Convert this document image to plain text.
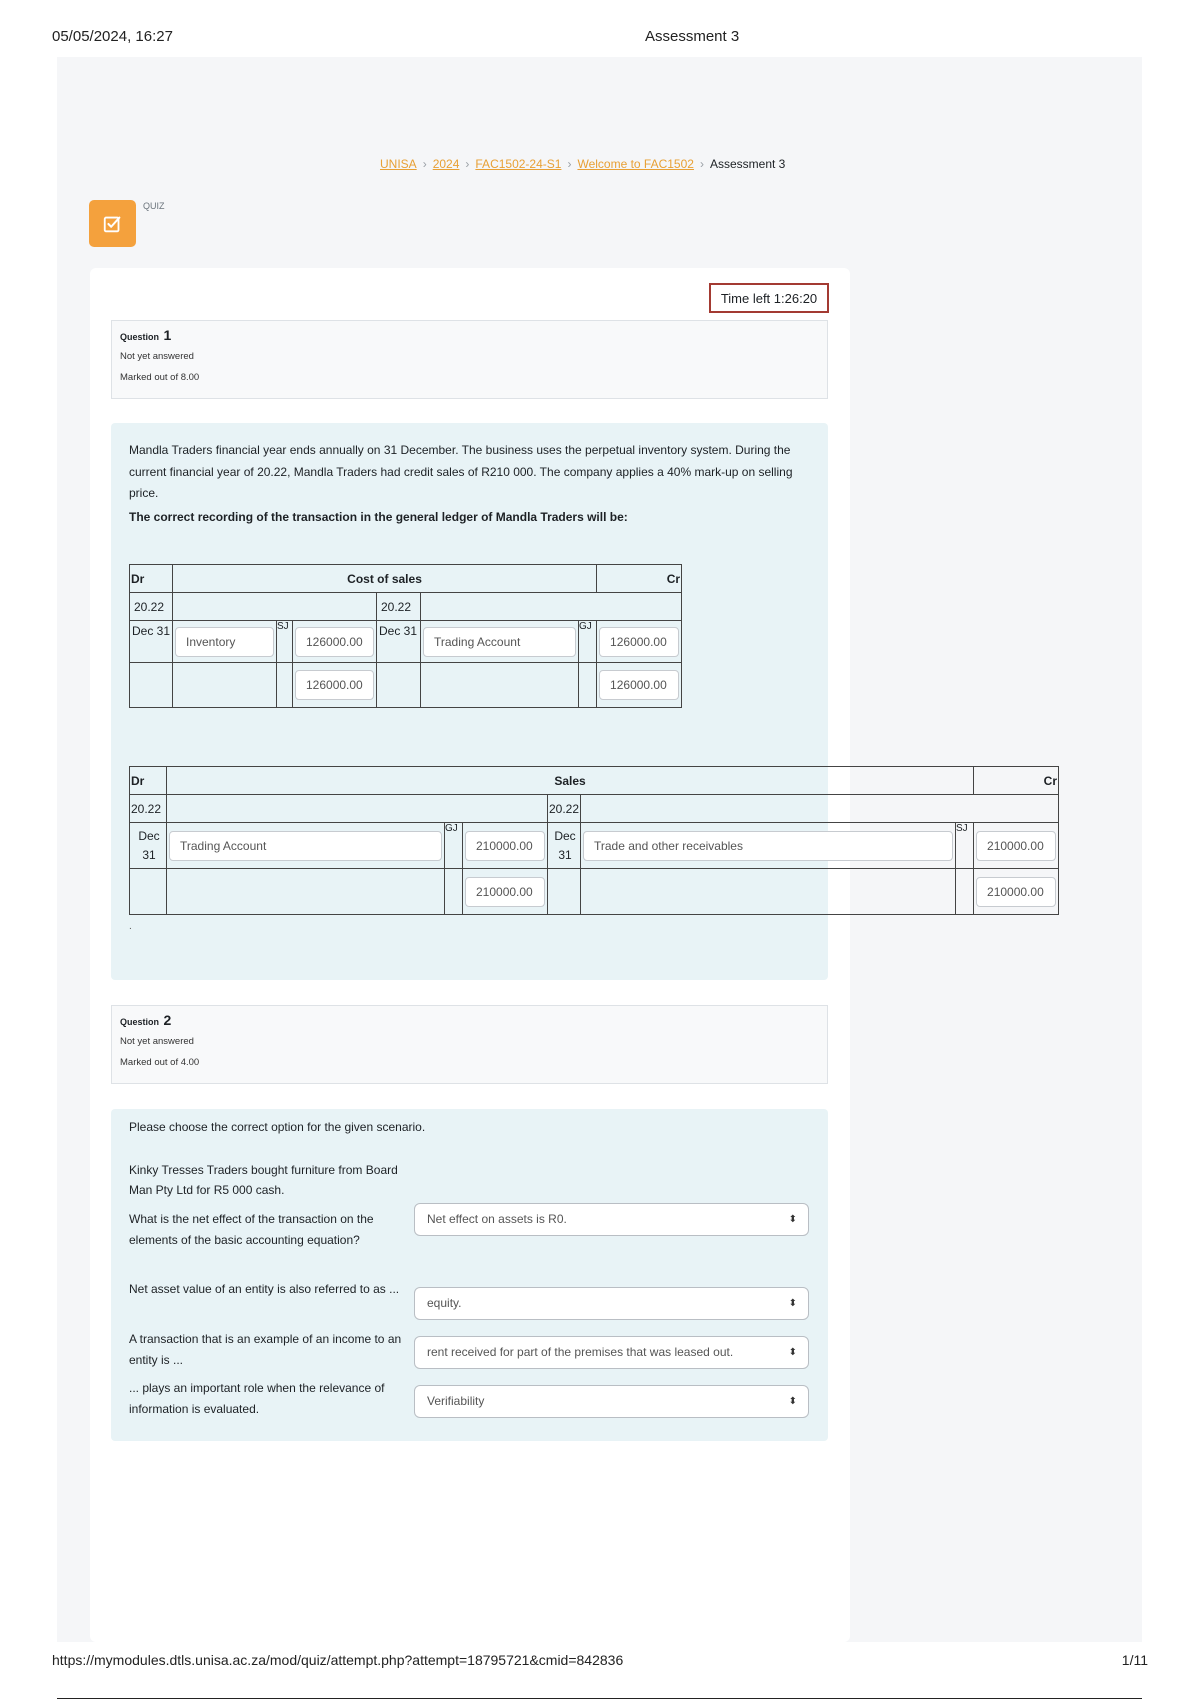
05/05/2024, 16:27	Assessment 3
UNISA › 2024 › FAC1502-24-S1 › Welcome to FAC1502 › Assessment 3
QUIZ
Time left 1:26:20
Question 1
Not yet answered
Marked out of 8.00
Mandla Traders financial year ends annually on 31 December. The business uses the perpetual inventory system. During the current financial year of 20.22, Mandla Traders had credit sales of R210 000. The company applies a 40% mark-up on selling price.
The correct recording of the transaction in the general ledger of Mandla Traders will be:
Dr	Cost of sales						Cr
20.22				20.22			
Dec 31	Inventory	SJ	126000.00	Dec 31	Trading Account	GJ	126000.00

			126000.00				126000.00
Dr	Sales						Cr
20.22				20.22			
Dec 31	Trading Account	GJ	210000.00	Dec 31	Trade and other receivables	SJ	210000.00

			210000.00				210000.00
.
Question 2
Not yet answered
Marked out of 4.00
Please choose the correct option for the given scenario.
Kinky Tresses Traders bought furniture from Board Man Pty Ltd for R5 000 cash.
What is the net effect of the transaction on the elements of the basic accounting equation?
Net effect on assets is R0.	⬍
Net asset value of an entity is also referred to as ...
equity.	⬍
A transaction that is an example of an income to an entity is ...
rent received for part of the premises that was leased out.	⬍
... plays an important role when the relevance of information is evaluated.
Verifiability	⬍
https://mymodules.dtls.unisa.ac.za/mod/quiz/attempt.php?attempt=18795721&cmid=842836	1/11
